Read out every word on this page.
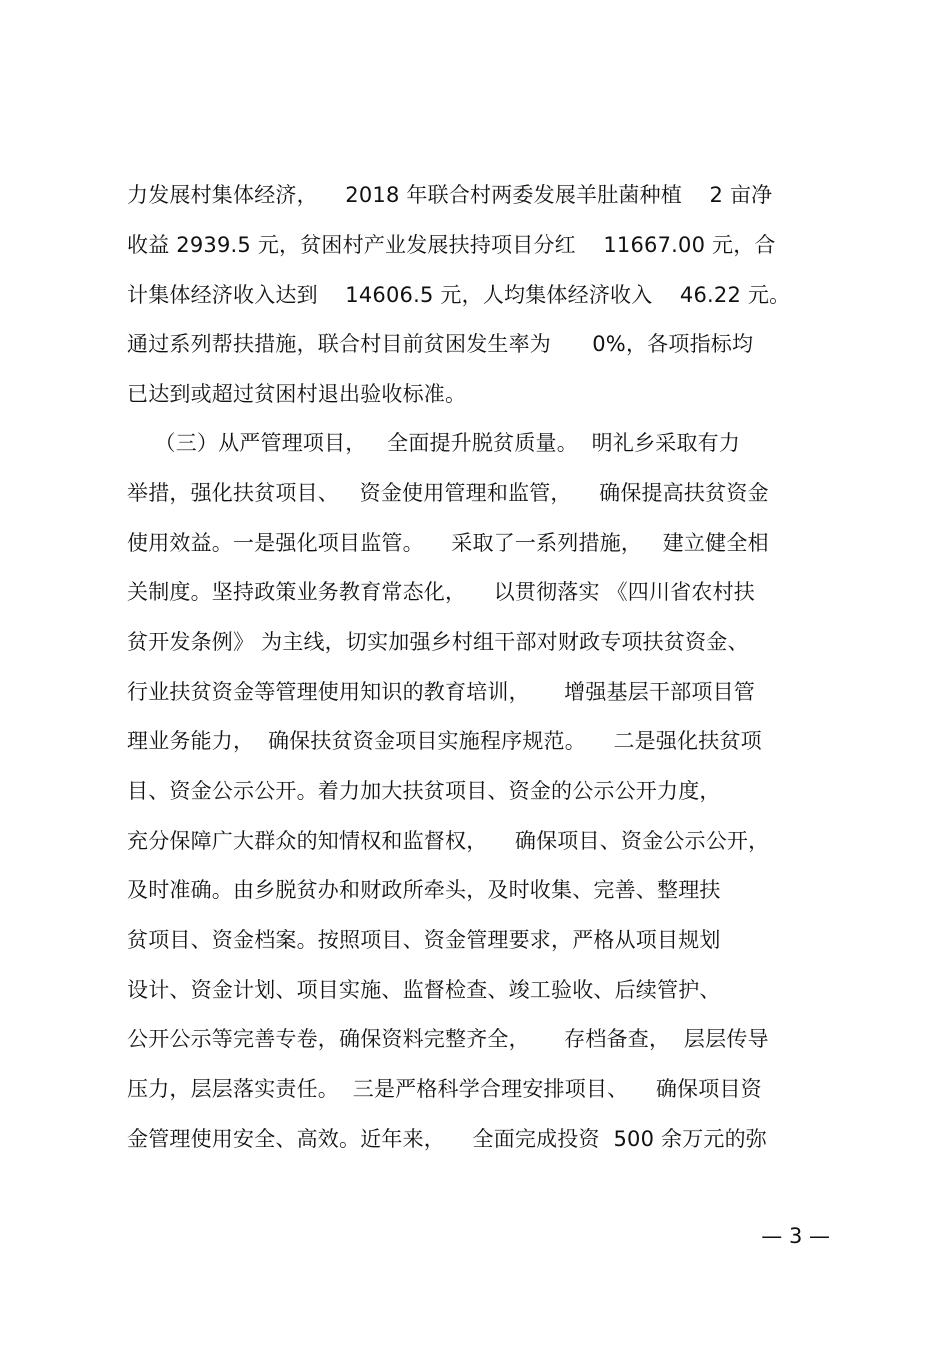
力发展村集体经济，    2018 年联合村两委发展羊肚菌种植    2 亩净
收益 2939.5 元，贫困村产业发展扶持项目分红    11667.00 元，合
计集体经济收入达到    14606.5 元，人均集体经济收入    46.22 元。
通过系列帮扶措施，联合村目前贫困发生率为      0%，各项指标均
已达到或超过贫困村退出验收标准。
（三）从严管理项目，   全面提升脱贫质量。  明礼乡采取有力
举措，强化扶贫项目、   资金使用管理和监管，    确保提高扶贫资金
使用效益。一是强化项目监管。    采取了一系列措施，   建立健全相
关制度。坚持政策业务教育常态化，    以贯彻落实 《四川省农村扶
贫开发条例》 为主线，切实加强乡村组干部对财政专项扶贫资金、
行业扶贫资金等管理使用知识的教育培训，     增强基层干部项目管
理业务能力，  确保扶贫资金项目实施程序规范。    二是强化扶贫项
目、资金公示公开。着力加大扶贫项目、资金的公示公开力度，
充分保障广大群众的知情权和监督权，    确保项目、资金公示公开，
及时准确。由乡脱贫办和财政所牵头，及时收集、完善、整理扶
贫项目、资金档案。按照项目、资金管理要求，严格从项目规划
设计、资金计划、项目实施、监督检查、竣工验收、后续管护、
公开公示等完善专卷，确保资料完整齐全，     存档备查，  层层传导
压力，层层落实责任。  三是严格科学合理安排项目、    确保项目资
金管理使用安全、高效。近年来，    全面完成投资  500 余万元的弥
— 3 —
